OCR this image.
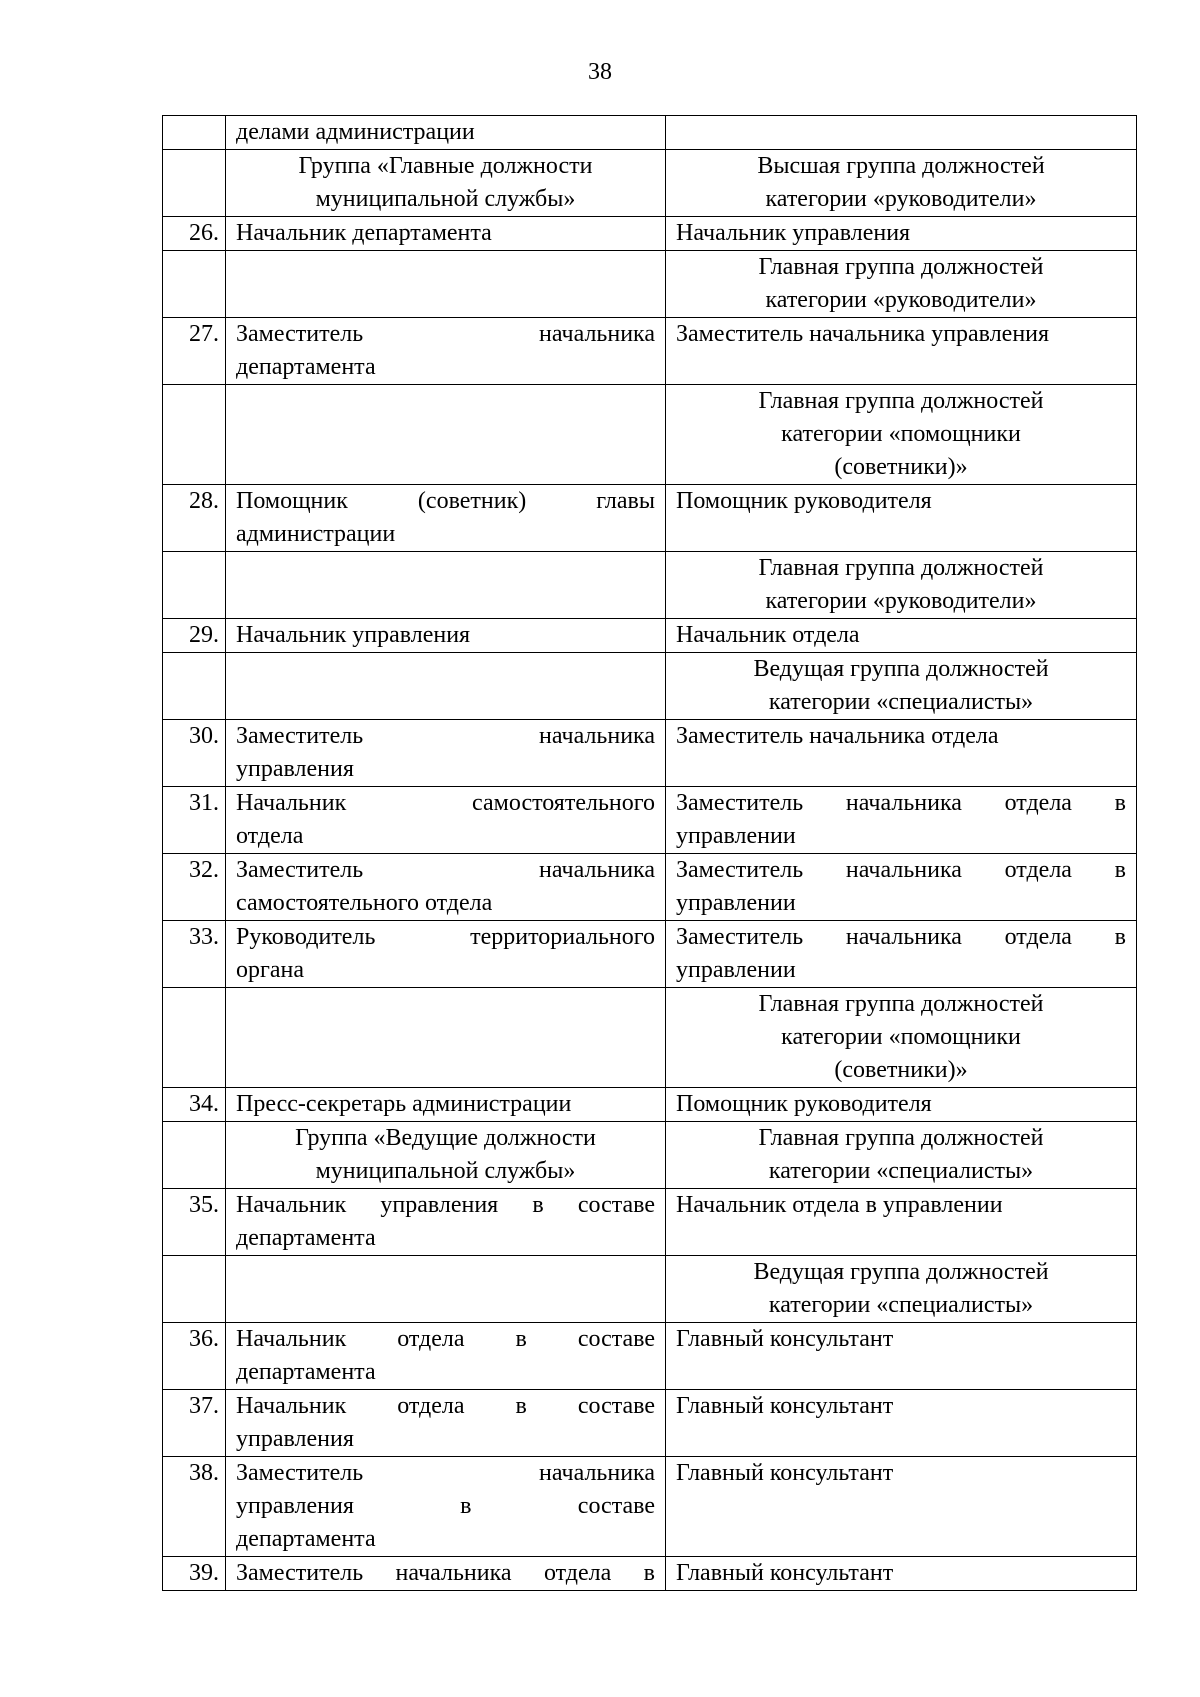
38
	делами администрации	
	Группа «Главные должности
муниципальной службы»	Высшая группа должностей
категории «руководители»
26.	Начальник департамента	Начальник управления
		Главная группа должностей
категории «руководители»
27.	Заместитель начальника
департамента	Заместитель начальника управления
		Главная группа должностей
категории «помощники
(советники)»
28.	Помощник (советник) главы
администрации	Помощник руководителя
		Главная группа должностей
категории «руководители»
29.	Начальник управления	Начальник отдела
		Ведущая группа должностей
категории «специалисты»
30.	Заместитель начальника
управления	Заместитель начальника отдела
31.	Начальник самостоятельного
отдела	Заместитель начальника отдела в
управлении

32.	Заместитель начальника
самостоятельного отдела	Заместитель начальника отдела в
управлении

33.	Руководитель территориального
органа	Заместитель начальника отдела в
управлении

		Главная группа должностей
категории «помощники
(советники)»
34.	Пресс-секретарь администрации	Помощник руководителя
	Группа «Ведущие должности
муниципальной службы»	Главная группа должностей
категории «специалисты»
35.	Начальник управления в составе
департамента	Начальник отдела в управлении
		Ведущая группа должностей
категории «специалисты»
36.	Начальник отдела в составе
департамента	Главный консультант
37.	Начальник отдела в составе
управления	Главный консультант
38.	Заместитель начальника
управления в составе
департамента	Главный консультант
39.	Заместитель начальника отдела в	Главный консультант
